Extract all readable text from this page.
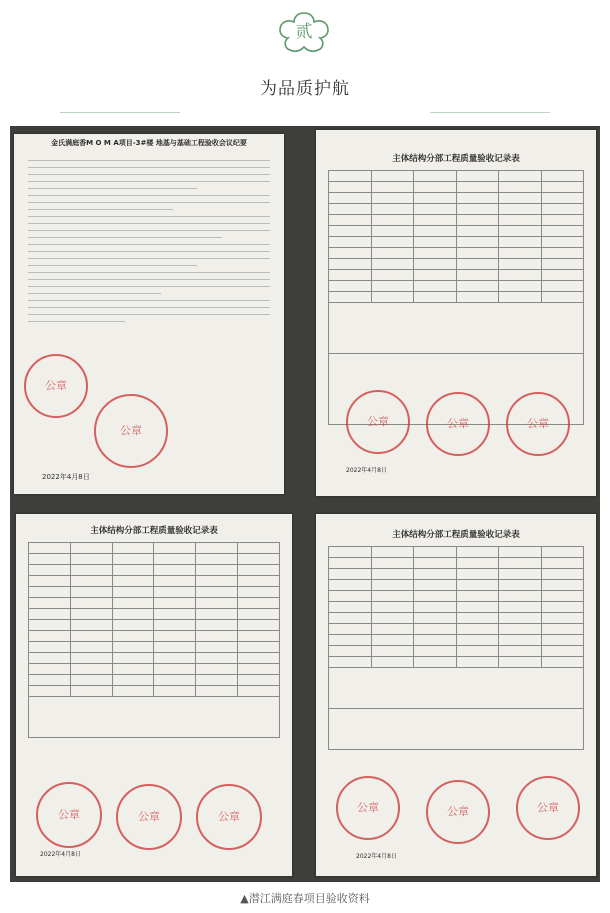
贰
为品质护航
金氏满庭香M O M A项目-3#楼 地基与基础工程验收会议纪要
公章
公章
2022年4月8日
主体结构分部工程质量验收记录表

公章	公章	公章
2022年4月8日
主体结构分部工程质量验收记录表

公章	公章	公章
2022年4月8日
主体结构分部工程质量验收记录表

公章	公章	公章
2022年4月8日
▲潜江满庭春项目验收资料
